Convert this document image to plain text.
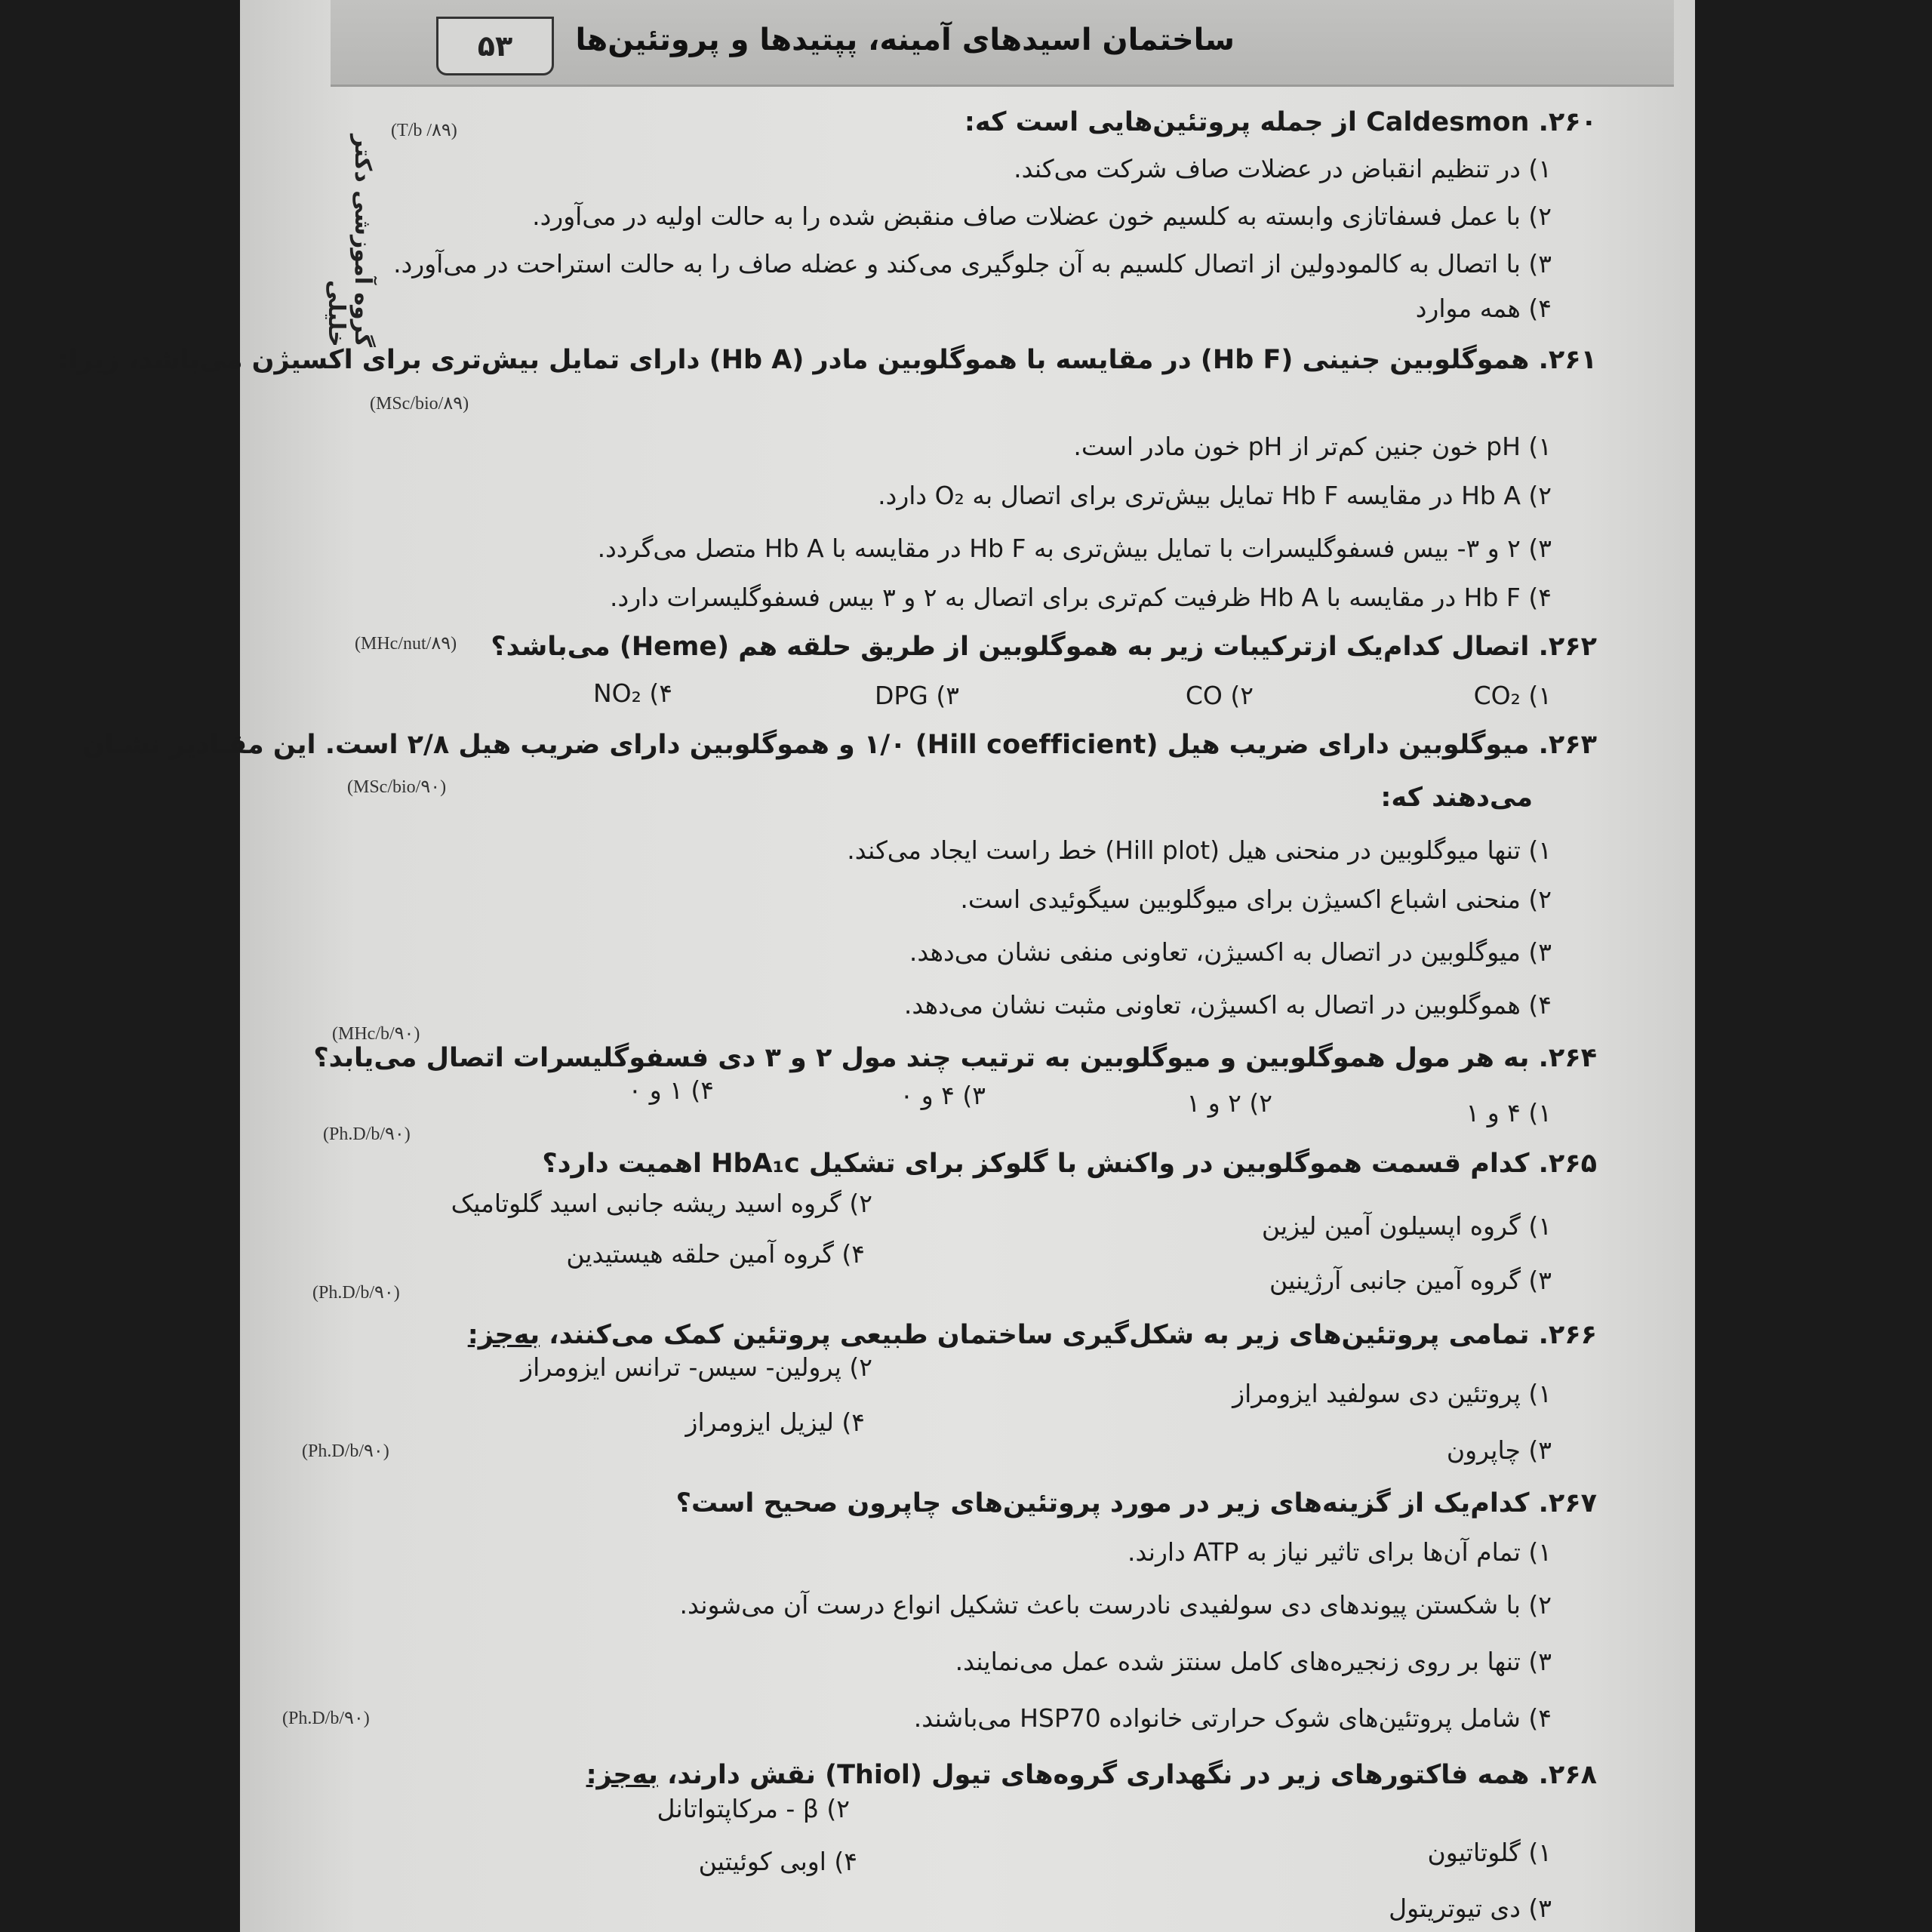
۵۳	ساختمان اسیدهای آمینه، پپتیدها و پروتئین‌ها
گروه آموزشی دکتر خلیلی
۲۶۰. Caldesmon از جمله پروتئین‌هایی است که:
(T/b /۸۹)
۱) در تنظیم انقباض در عضلات صاف شرکت می‌کند.
۲) با عمل فسفاتازی وابسته به کلسیم خون عضلات صاف منقبض شده را به حالت اولیه در می‌آورد.
۳) با اتصال به کالمودولین از اتصال کلسیم به آن جلوگیری می‌کند و عضله صاف را به حالت استراحت در می‌آورد.
۴) همه موارد
۲۶۱. هموگلوبین جنینی (Hb F) در مقایسه با هموگلوبین مادر (Hb A) دارای تمایل بیش‌تری برای اکسیژن می‌باشد، زیرا:
(MSc/bio/۸۹)
۱) pH خون جنین کم‌تر از pH خون مادر است.
۲) Hb A در مقایسه Hb F تمایل بیش‌تری برای اتصال به O₂ دارد.
۳) ۲ و ۳- بیس فسفوگلیسرات با تمایل بیش‌تری به Hb F در مقایسه با Hb A متصل می‌گردد.
۴) Hb F در مقایسه با Hb A ظرفیت کم‌تری برای اتصال به ۲ و ۳ بیس فسفوگلیسرات دارد.
۲۶۲. اتصال کدام‌یک ازترکیبات زیر به هموگلوبین از طریق حلقه هم (Heme) می‌باشد؟
(MHc/nut/۸۹)
۱) CO₂
۲) CO
۳) DPG
۴) NO₂
۲۶۳. میوگلوبین دارای ضریب هیل (Hill coefficient) ۱/۰ و هموگلوبین دارای ضریب هیل ۲/۸ است. این مقـادیر نشـان
می‌دهند که:
(MSc/bio/۹۰)
۱) تنها میوگلوبین در منحنی هیل (Hill plot) خط راست ایجاد می‌کند.
۲) منحنی اشباع اکسیژن برای میوگلوبین سیگوئیدی است.
۳) میوگلوبین در اتصال به اکسیژن، تعاونی منفی نشان می‌دهد.
۴) هموگلوبین در اتصال به اکسیژن، تعاونی مثبت نشان می‌دهد.
۲۶۴. به هر مول هموگلوبین و میوگلوبین به ترتیب چند مول ۲ و ۳ دی فسفوگلیسرات اتصال می‌یابد؟
(MHc/b/۹۰)
۱) ۴ و ۱
۲) ۲ و ۱
۳) ۴ و ۰
۴) ۱ و ۰
۲۶۵. کدام قسمت هموگلوبین در واکنش با گلوکز برای تشکیل HbA₁c اهمیت دارد؟
(Ph.D/b/۹۰)
۱) گروه اپسیلون آمین لیزین
۲) گروه اسید ریشه جانبی اسید گلوتامیک
۳) گروه آمین جانبی آرژینین
۴) گروه آمین حلقه هیستیدین
۲۶۶. تمامی پروتئین‌های زیر به شکل‌گیری ساختمان طبیعی پروتئین کمک می‌کنند، به‌جز:
(Ph.D/b/۹۰)
۱) پروتئین دی سولفید ایزومراز
۲) پرولین- سیس- ترانس ایزومراز
۳) چاپرون
۴) لیزیل ایزومراز
۲۶۷. کدام‌یک از گزینه‌های زیر در مورد پروتئین‌های چاپرون صحیح است؟
(Ph.D/b/۹۰)
۱) تمام آن‌ها برای تاثیر نیاز به ATP دارند.
۲) با شکستن پیوندهای دی سولفیدی نادرست باعث تشکیل انواع درست آن می‌شوند.
۳) تنها بر روی زنجیره‌های کامل سنتز شده عمل می‌نمایند.
۴) شامل پروتئین‌های شوک حرارتی خانواده HSP70 می‌باشند.
۲۶۸. همه فاکتورهای زیر در نگهداری گروه‌های تیول (Thiol) نقش دارند، به‌جز:
(Ph.D/b/۹۰)
۱) گلوتاتیون
۲) β - مرکاپتواتانل
۳) دی تیوتریتول
۴) اوبی کوئیتین
